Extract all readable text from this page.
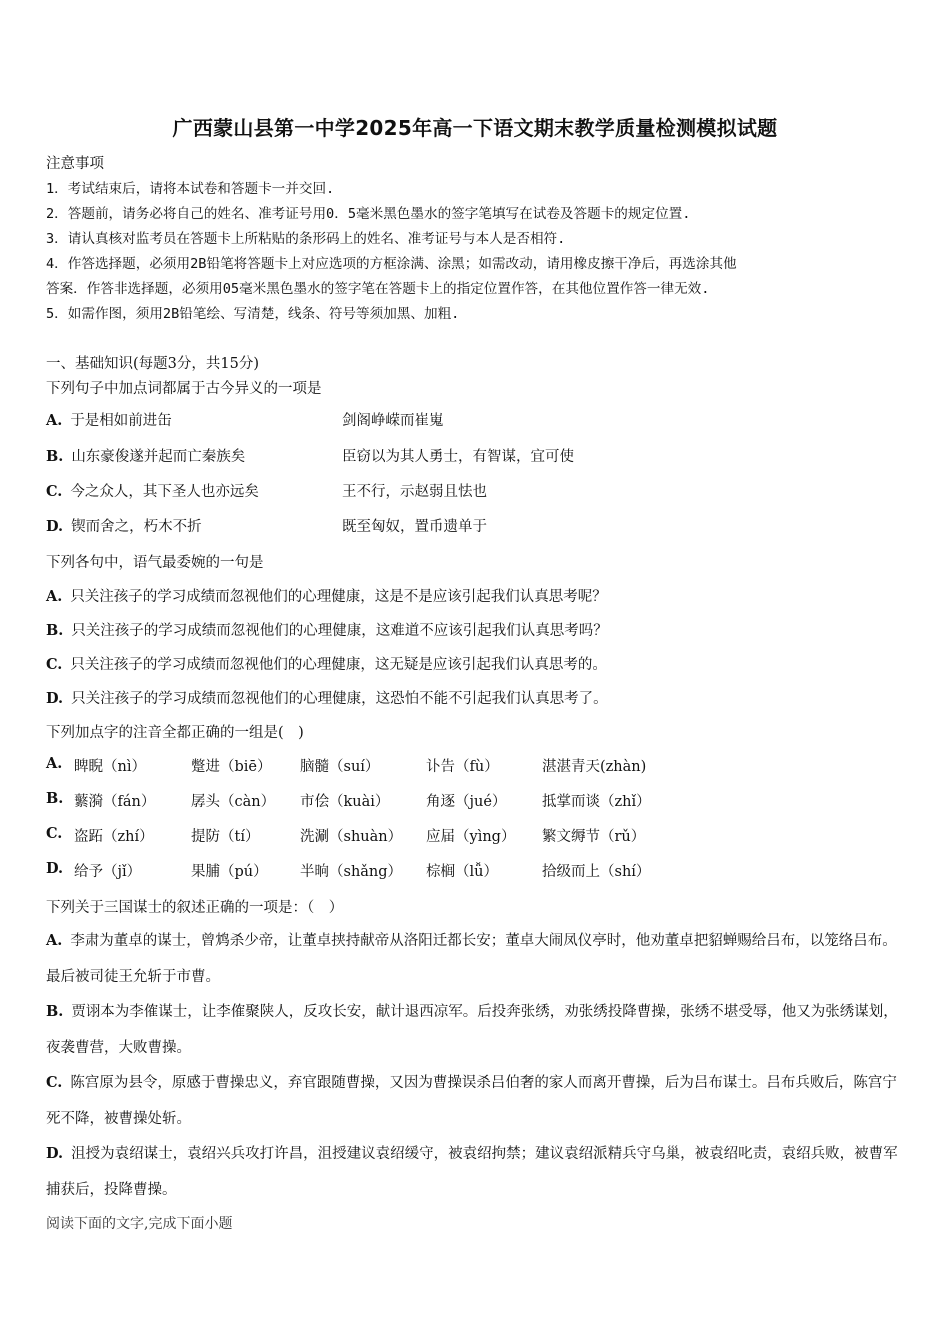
广西蒙山县第一中学2025年高一下语文期末教学质量检测模拟试题
注意事项
1．考试结束后，请将本试卷和答题卡一并交回.
2．答题前，请务必将自己的姓名、准考证号用0．5毫米黑色墨水的签字笔填写在试卷及答题卡的规定位置.
3．请认真核对监考员在答题卡上所粘贴的条形码上的姓名、准考证号与本人是否相符.
4．作答选择题，必须用2B铅笔将答题卡上对应选项的方框涂满、涂黑；如需改动，请用橡皮擦干净后，再选涂其他
答案．作答非选择题，必须用05毫米黑色墨水的签字笔在答题卡上的指定位置作答，在其他位置作答一律无效.
5．如需作图，须用2B铅笔绘、写清楚，线条、符号等须加黑、加粗.
一、基础知识(每题3分，共15分)
下列句子中加点词都属于古今异义的一项是
A. 于是相如前进缶	剑阁峥嵘而崔嵬
B. 山东豪俊遂并起而亡秦族矣	臣窃以为其人勇士，有智谋，宜可使
C. 今之众人，其下圣人也亦远矣	王不行，示赵弱且怯也
D. 锲而舍之，朽木不折	既至匈奴，置币遗单于
下列各句中，语气最委婉的一句是
A. 只关注孩子的学习成绩而忽视他们的心理健康，这是不是应该引起我们认真思考呢？
B. 只关注孩子的学习成绩而忽视他们的心理健康，这难道不应该引起我们认真思考吗？
C. 只关注孩子的学习成绩而忽视他们的心理健康，这无疑是应该引起我们认真思考的。
D. 只关注孩子的学习成绩而忽视他们的心理健康，这恐怕不能不引起我们认真思考了。
下列加点字的注音全都正确的一组是(　)
A. 睥睨（nì）	蹩进（biē） 脑髓（suí）	讣告（fù）	湛湛青天(zhàn)
B. 蘩漪（fán） 孱头（càn） 市侩（kuài）	角逐（jué） 抵掌而谈（zhǐ）
C. 盗跖（zhí）	提防（tí）	洗涮（shuàn） 应届（yìng） 繁文缛节（rǔ）
D. 给予（jǐ）	果脯（pú） 半晌（shǎng） 棕榈（lǚ）	拾级而上（shí）
下列关于三国谋士的叙述正确的一项是：（　）
A. 李肃为董卓的谋士，曾鸩杀少帝，让董卓挟持献帝从洛阳迁都长安；董卓大闹凤仪亭时，他劝董卓把貂蝉赐给吕布，以笼络吕布。最后被司徒王允斩于市曹。
B. 贾诩本为李傕谋士，让李傕聚陕人，反攻长安，献计退西凉军。后投奔张绣，劝张绣投降曹操，张绣不堪受辱，他又为张绣谋划，夜袭曹营，大败曹操。
C. 陈宫原为县令，原感于曹操忠义，弃官跟随曹操，又因为曹操误杀吕伯奢的家人而离开曹操，后为吕布谋士。吕布兵败后，陈宫宁死不降，被曹操处斩。
D. 沮授为袁绍谋士，袁绍兴兵攻打许昌，沮授建议袁绍缓守，被袁绍拘禁；建议袁绍派精兵守乌巢，被袁绍叱责，袁绍兵败，被曹军捕获后，投降曹操。
阅读下面的文字,完成下面小题
